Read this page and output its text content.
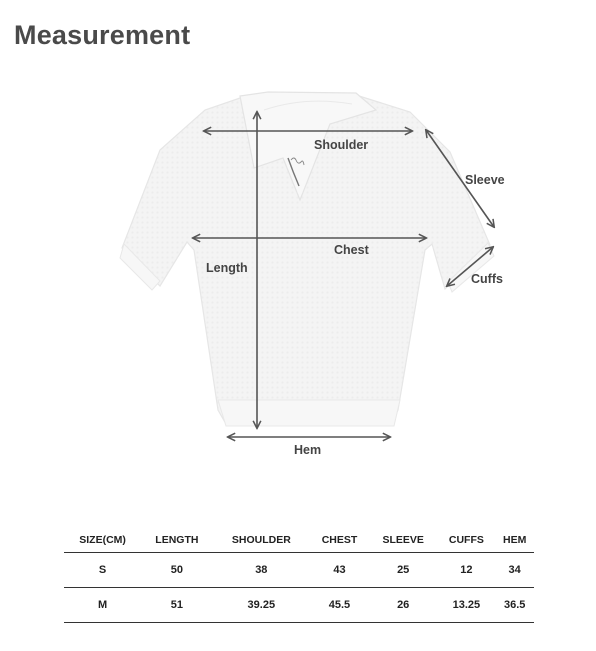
Measurement
Shoulder
Sleeve
Chest
Length
Cuffs
Hem
SIZE(CM)	LENGTH	SHOULDER	CHEST	SLEEVE	CUFFS	HEM
S	50	38	43	25	12	34
M	51	39.25	45.5	26	13.25	36.5
